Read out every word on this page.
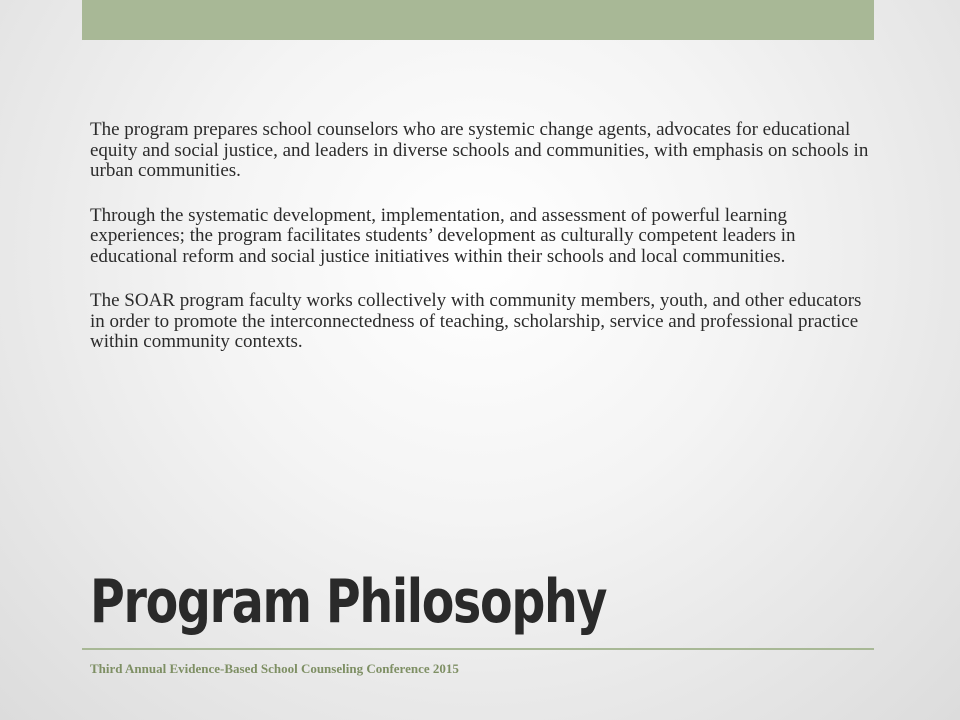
The program prepares school counselors who are systemic change agents, advocates for educational equity and social justice, and leaders in diverse schools and communities, with emphasis on schools in urban communities.

Through the systematic development, implementation, and assessment of powerful learning experiences; the program facilitates students’ development as culturally competent leaders in educational reform and social justice initiatives within their schools and local communities.

The SOAR program faculty works collectively with community members, youth, and other educators in order to promote the interconnectedness of teaching, scholarship, service and professional practice within community contexts.

Program Philosophy
Third Annual Evidence-Based School Counseling Conference 2015
